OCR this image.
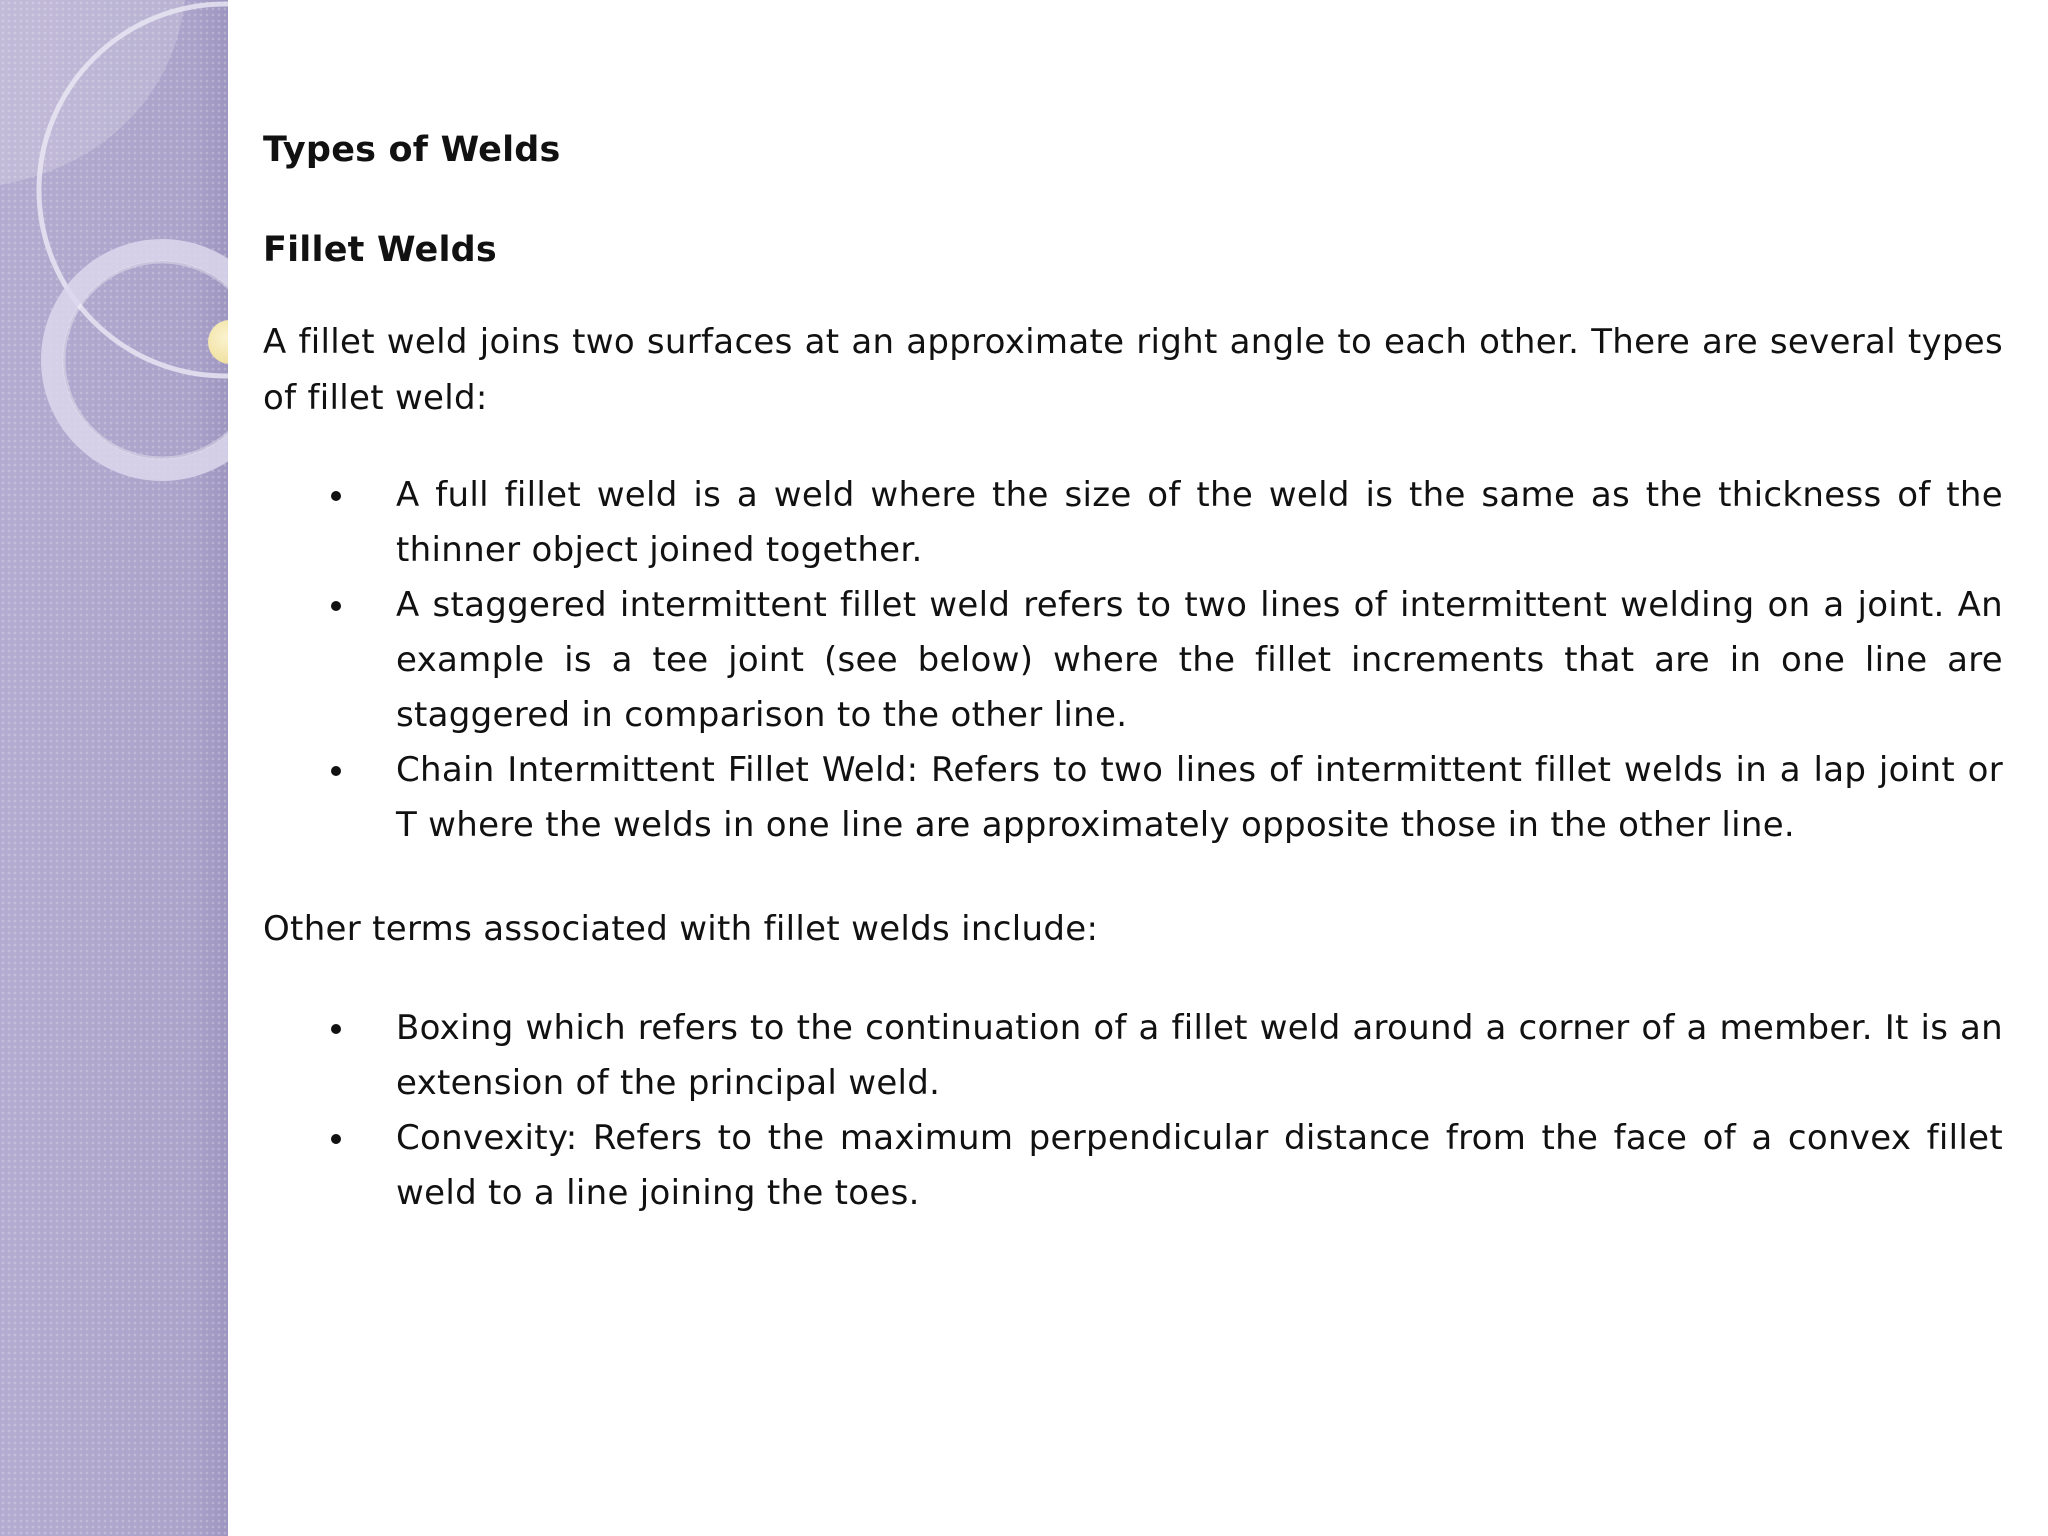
Types of Welds

Fillet Welds

A fillet weld joins two surfaces at an approximate right angle to each other. There are several types of fillet weld:

A full fillet weld is a weld where the size of the weld is the same as the thickness of the thinner object joined together.
A staggered intermittent fillet weld refers to two lines of intermittent welding on a joint. An example is a tee joint (see below) where the fillet increments that are in one line are staggered in comparison to the other line.
Chain Intermittent Fillet Weld: Refers to two lines of intermittent fillet welds in a lap joint or T where the welds in one line are approximately opposite those in the other line.

Other terms associated with fillet welds include:

Boxing which refers to the continuation of a fillet weld around a corner of a member. It is an extension of the principal weld.
Convexity: Refers to the maximum perpendicular distance from the face of a convex fillet weld to a line joining the toes.
